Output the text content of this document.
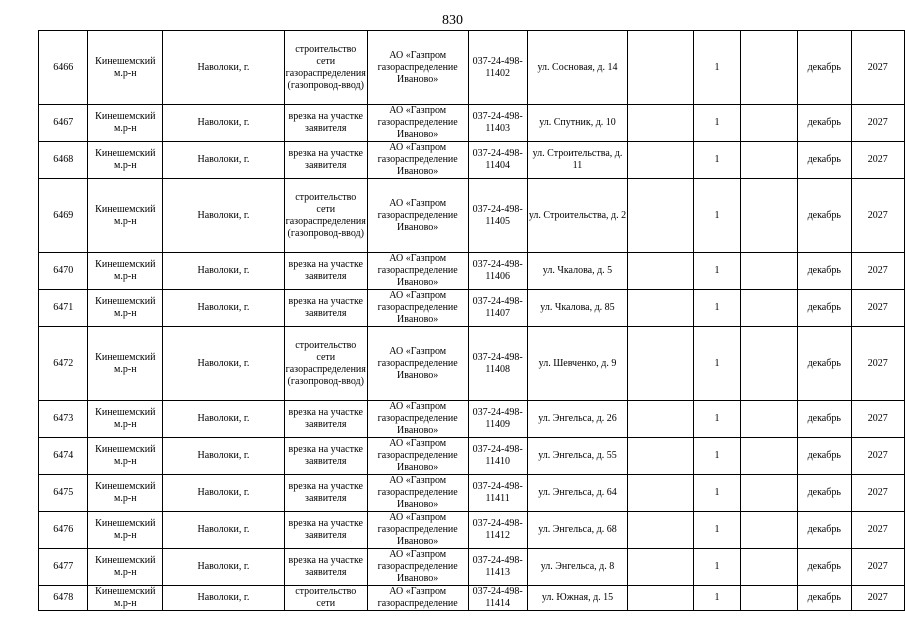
830
6466	Кинешемский м.р-н	Наволоки, г.	строительство сети газораспределения (газопровод-ввод)	АО «Газпром газораспределение Иваново»	037-24-498-11402	ул. Сосновая, д. 14		1		декабрь	2027
6467	Кинешемский м.р-н	Наволоки, г.	врезка на участке заявителя	АО «Газпром газораспределение Иваново»	037-24-498-11403	ул. Спутник, д. 10		1		декабрь	2027
6468	Кинешемский м.р-н	Наволоки, г.	врезка на участке заявителя	АО «Газпром газораспределение Иваново»	037-24-498-11404	ул. Строительства, д. 11		1		декабрь	2027
6469	Кинешемский м.р-н	Наволоки, г.	строительство сети газораспределения (газопровод-ввод)	АО «Газпром газораспределение Иваново»	037-24-498-11405	ул. Строительства, д. 2		1		декабрь	2027
6470	Кинешемский м.р-н	Наволоки, г.	врезка на участке заявителя	АО «Газпром газораспределение Иваново»	037-24-498-11406	ул. Чкалова, д. 5		1		декабрь	2027
6471	Кинешемский м.р-н	Наволоки, г.	врезка на участке заявителя	АО «Газпром газораспределение Иваново»	037-24-498-11407	ул. Чкалова, д. 85		1		декабрь	2027
6472	Кинешемский м.р-н	Наволоки, г.	строительство сети газораспределения (газопровод-ввод)	АО «Газпром газораспределение Иваново»	037-24-498-11408	ул. Шевченко, д. 9		1		декабрь	2027
6473	Кинешемский м.р-н	Наволоки, г.	врезка на участке заявителя	АО «Газпром газораспределение Иваново»	037-24-498-11409	ул. Энгельса, д. 26		1		декабрь	2027
6474	Кинешемский м.р-н	Наволоки, г.	врезка на участке заявителя	АО «Газпром газораспределение Иваново»	037-24-498-11410	ул. Энгельса, д. 55		1		декабрь	2027
6475	Кинешемский м.р-н	Наволоки, г.	врезка на участке заявителя	АО «Газпром газораспределение Иваново»	037-24-498-11411	ул. Энгельса, д. 64		1		декабрь	2027
6476	Кинешемский м.р-н	Наволоки, г.	врезка на участке заявителя	АО «Газпром газораспределение Иваново»	037-24-498-11412	ул. Энгельса, д. 68		1		декабрь	2027
6477	Кинешемский м.р-н	Наволоки, г.	врезка на участке заявителя	АО «Газпром газораспределение Иваново»	037-24-498-11413	ул. Энгельса, д. 8		1		декабрь	2027
6478	Кинешемский м.р-н	Наволоки, г.	строительство сети	АО «Газпром газораспределение	037-24-498-11414	ул. Южная, д. 15		1		декабрь	2027
